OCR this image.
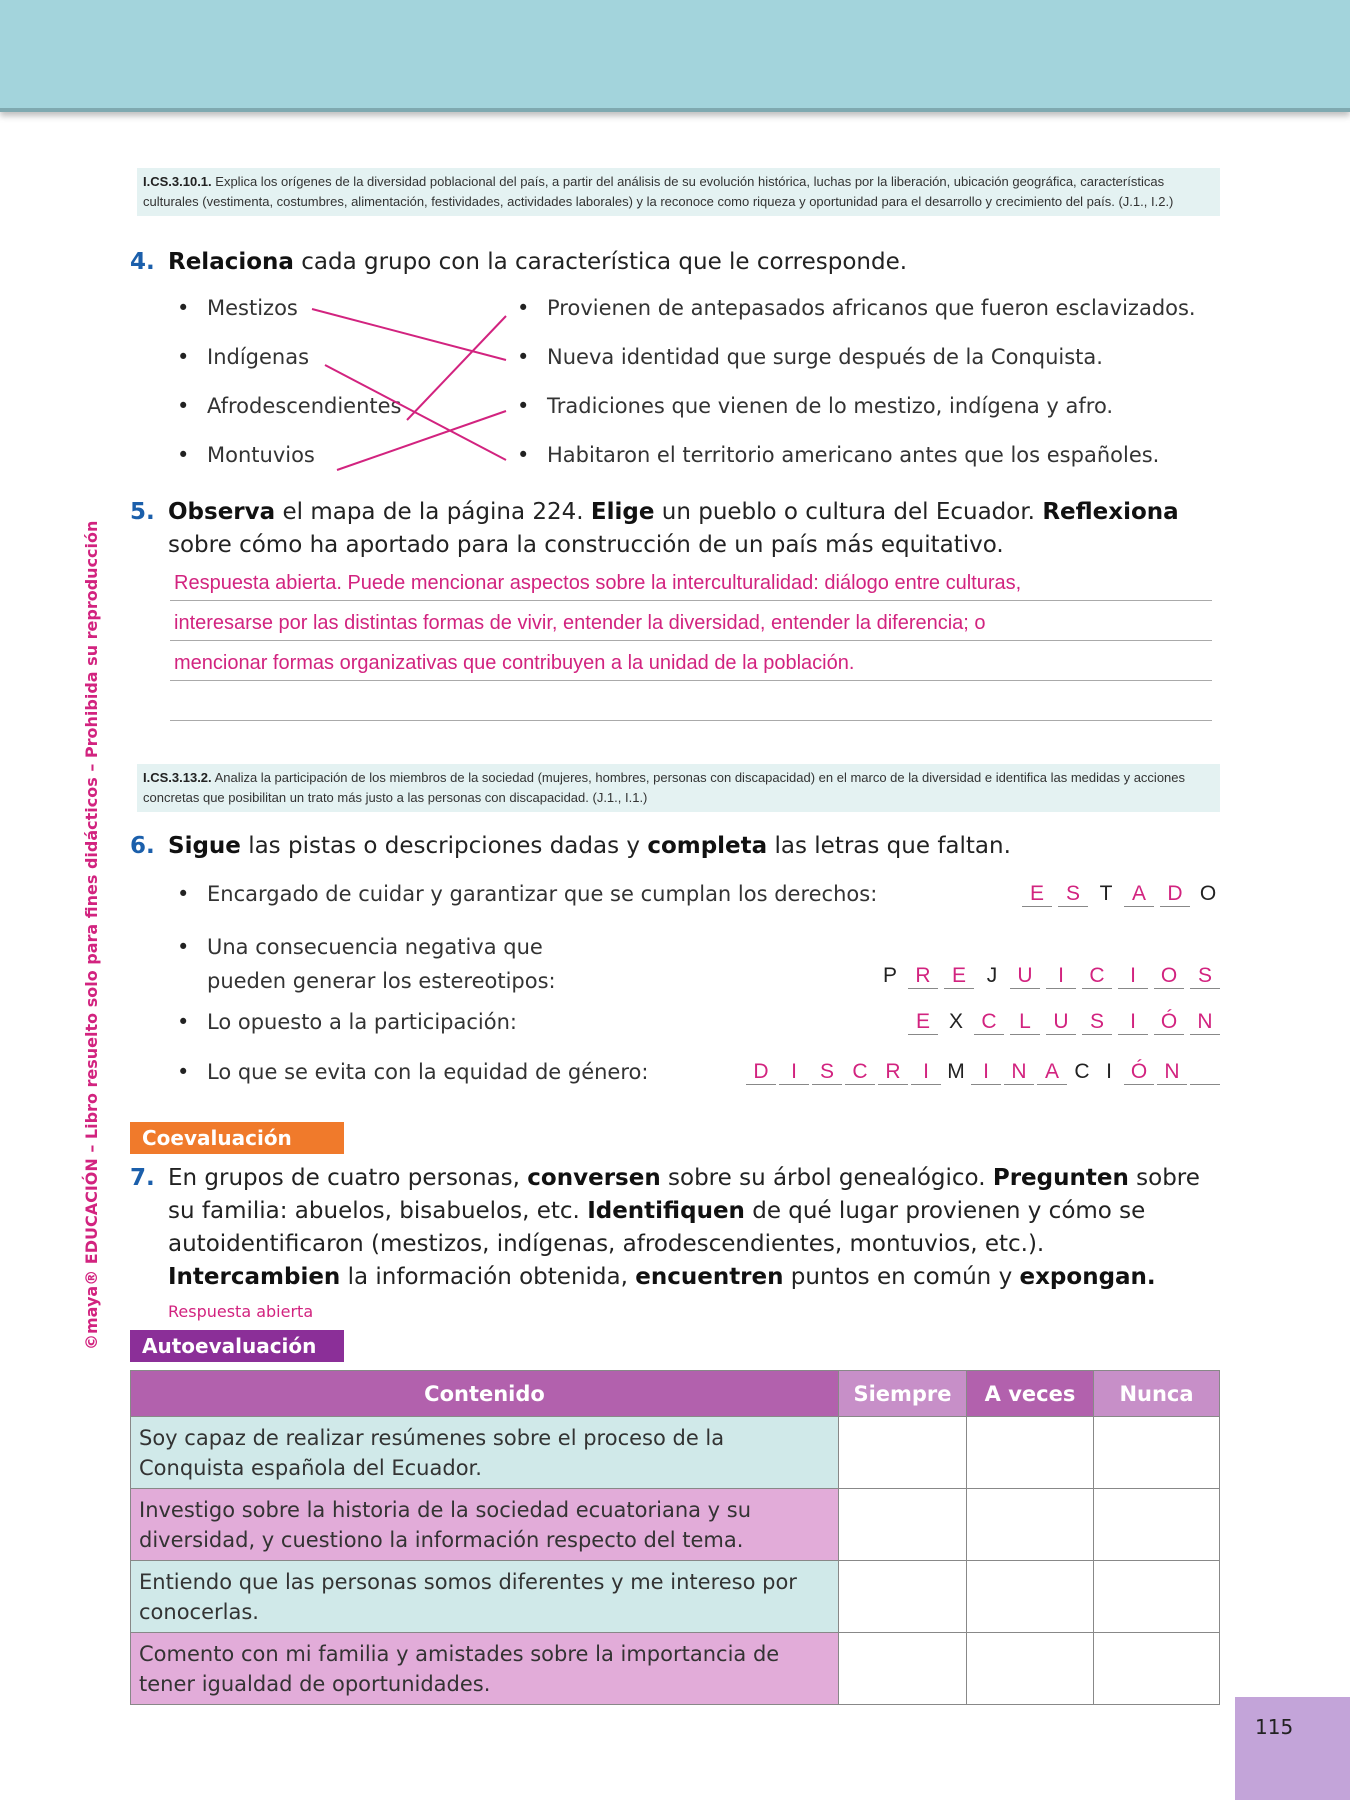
©maya® EDUCACIÓN – Libro resuelto solo para fines didácticos – Prohibida su reproducción
I.CS.3.10.1. Explica los orígenes de la diversidad poblacional del país, a partir del análisis de su evolución histórica, luchas por la liberación, ubicación geográfica, características culturales (vestimenta, costumbres, alimentación, festividades, actividades laborales) y la reconoce como riqueza y oportunidad para el desarrollo y crecimiento del país. (J.1., I.2.)
4. Relaciona cada grupo con la característica que le corresponde.
• Mestizos
• Indígenas
• Afrodescendientes
• Montuvios
• Provienen de antepasados africanos que fueron esclavizados.
• Nueva identidad que surge después de la Conquista.
• Tradiciones que vienen de lo mestizo, indígena y afro.
• Habitaron el territorio americano antes que los españoles.
5. Observa el mapa de la página 224. Elige un pueblo o cultura del Ecuador. Reflexiona sobre cómo ha aportado para la construcción de un país más equitativo.
Respuesta abierta. Puede mencionar aspectos sobre la interculturalidad: diálogo entre culturas,
interesarse por las distintas formas de vivir, entender la diversidad, entender la diferencia; o
mencionar formas organizativas que contribuyen a la unidad de la población.
I.CS.3.13.2. Analiza la participación de los miembros de la sociedad (mujeres, hombres, personas con discapacidad) en el marco de la diversidad e identifica las medidas y acciones concretas que posibilitan un trato más justo a las personas con discapacidad. (J.1., I.1.)
6. Sigue las pistas o descripciones dadas y completa las letras que faltan.
• Encargado de cuidar y garantizar que se cumplan los derechos:
• Una consecuencia negativa que pueden generar los estereotipos:
• Lo opuesto a la participación:
• Lo que se evita con la equidad de género:
E	S T A	D O
P R	E J U	I	C	I	O S
E X C	L	U	S	I	Ó N
D	I	S C R	I M I	N A C I Ó N

Coevaluación
7. En grupos de cuatro personas, conversen sobre su árbol genealógico. Pregunten sobre su familia: abuelos, bisabuelos, etc. Identifiquen de qué lugar provienen y cómo se autoidentificaron (mestizos, indígenas, afrodescendientes, montuvios, etc.). Intercambien la información obtenida, encuentren puntos en común y expongan. Respuesta abierta
Autoevaluación
Contenido	Siempre	A veces	Nunca
Soy capaz de realizar resúmenes sobre el proceso de la Conquista española del Ecuador.			
Investigo sobre la historia de la sociedad ecuatoriana y su diversidad, y cuestiono la información respecto del tema.			
Entiendo que las personas somos diferentes y me intereso por conocerlas.			
Comento con mi familia y amistades sobre la importancia de tener igualdad de oportunidades.			
115
